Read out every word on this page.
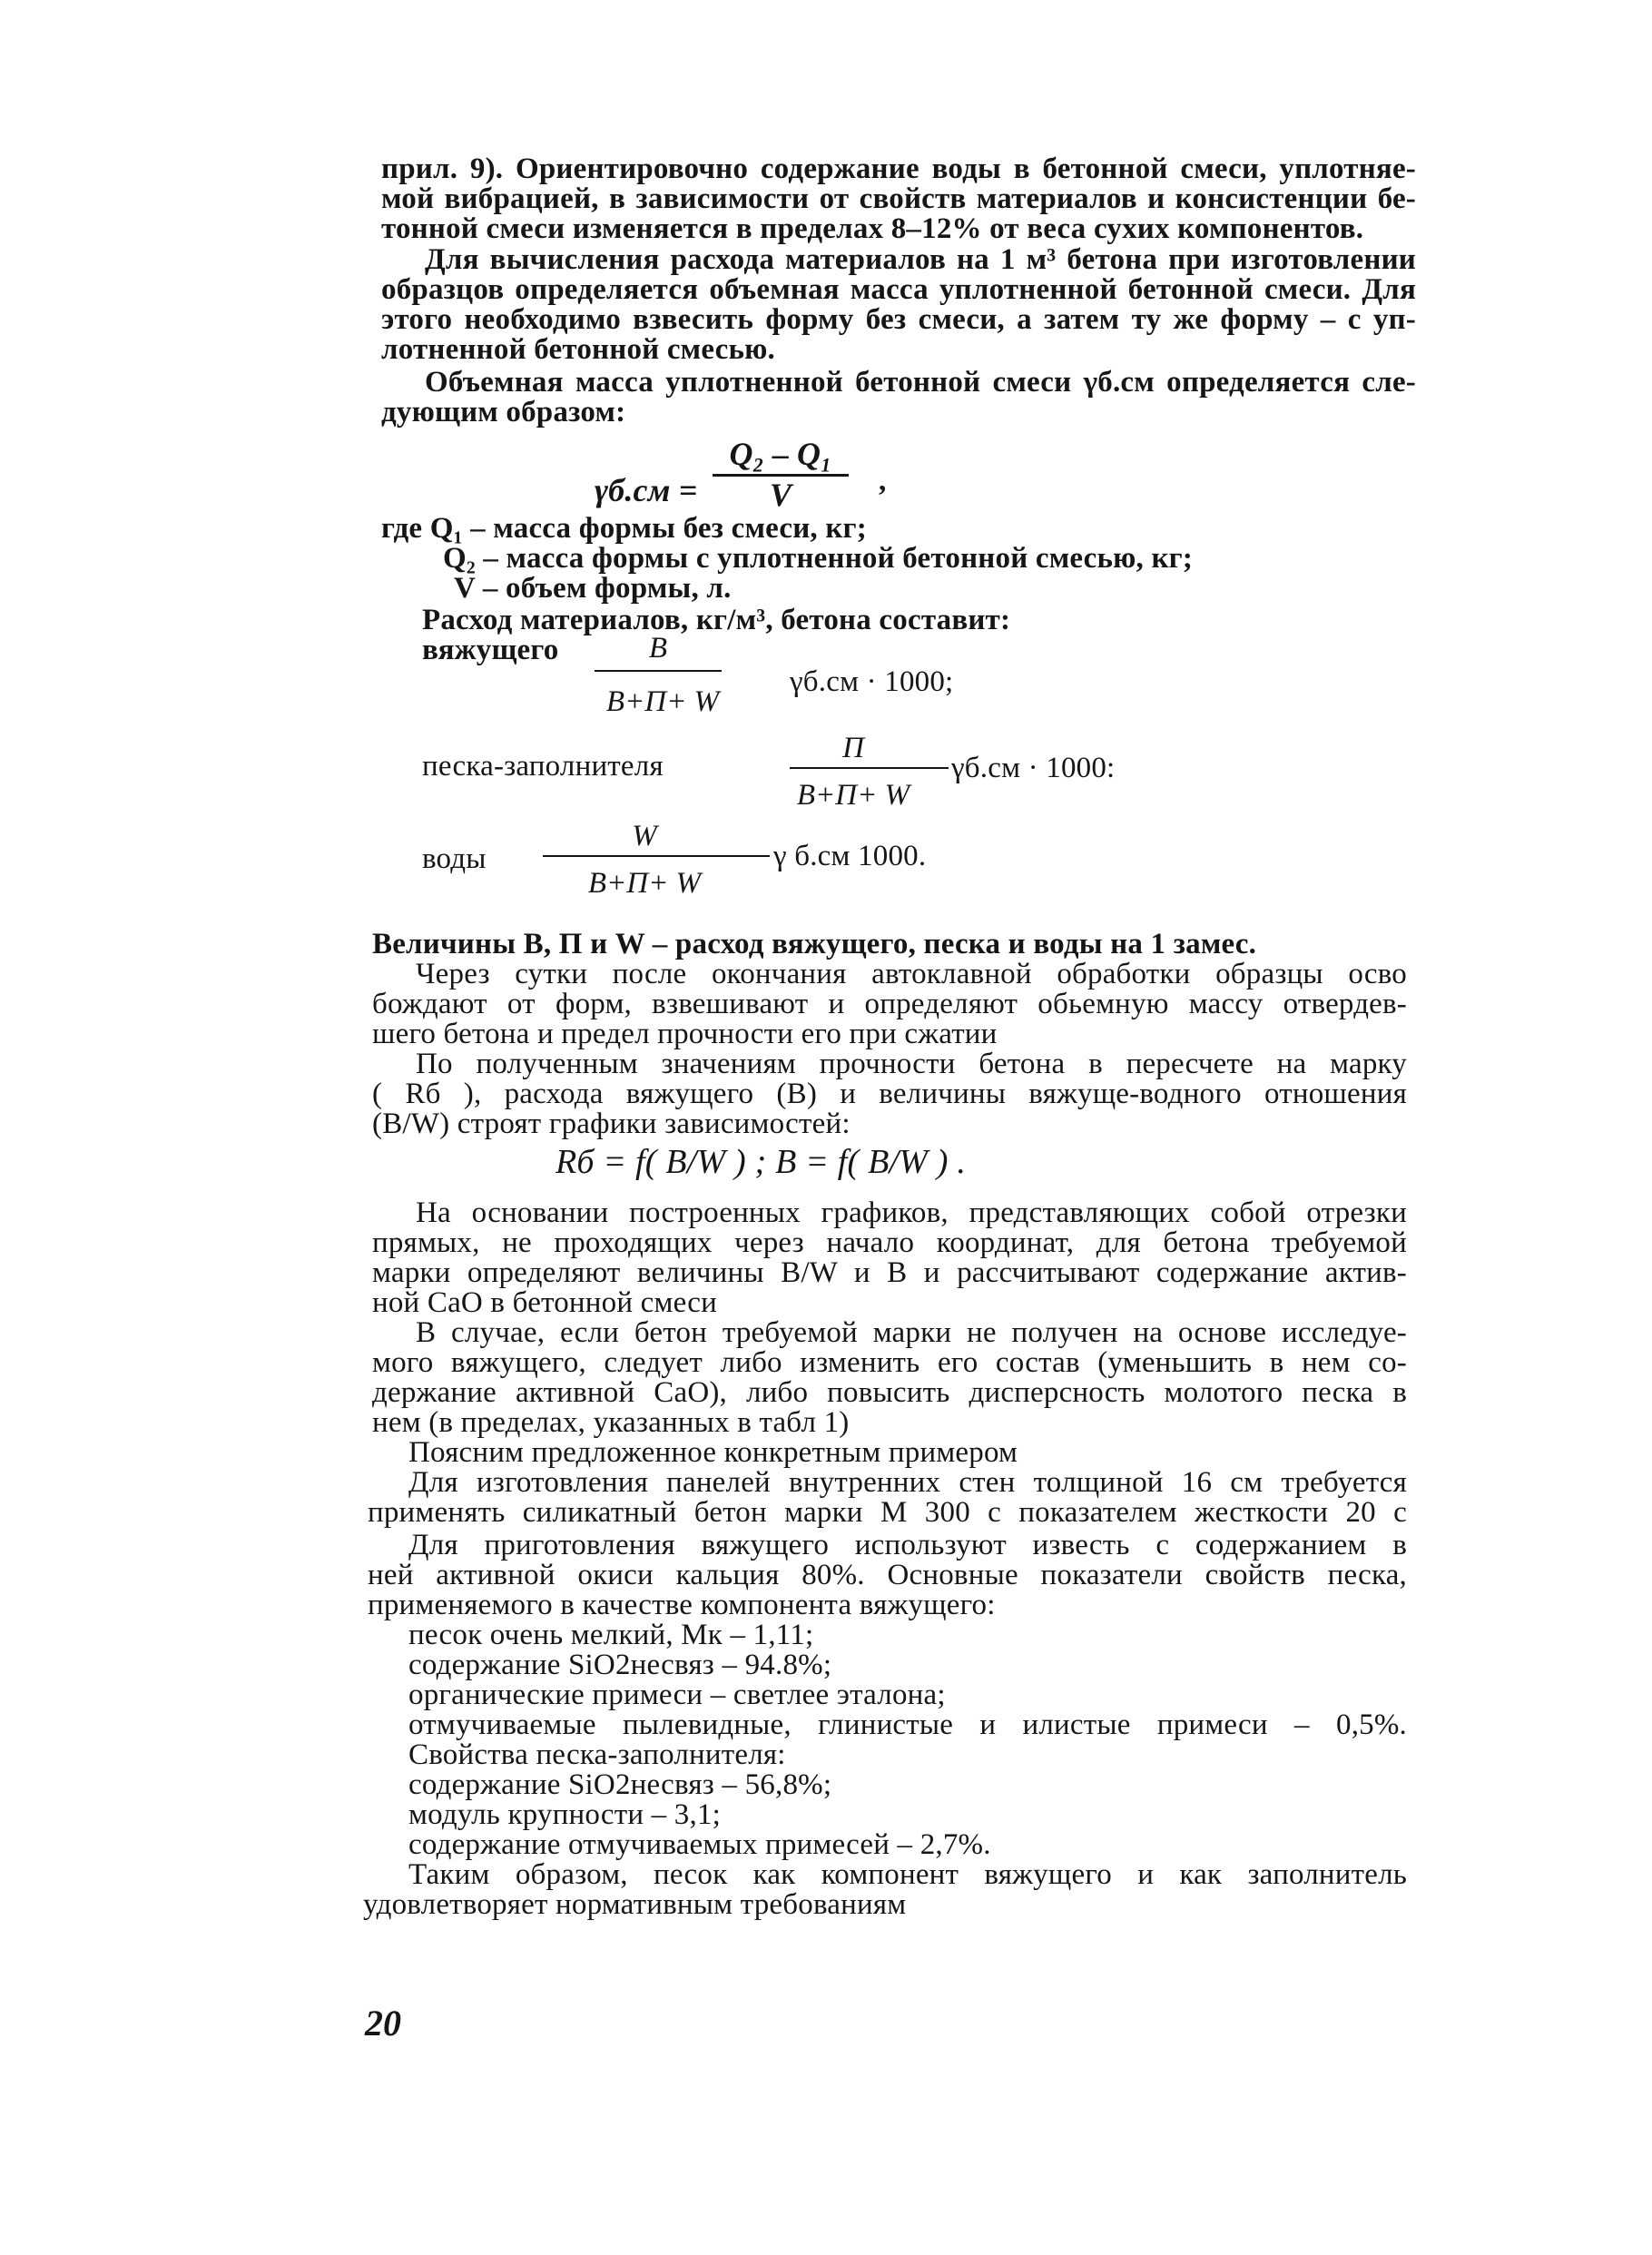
прил. 9). Ориентировочно содержание воды в бетонной смеси, уплотняе-
мой вибрацией, в зависимости от свойств материалов и консистенции бе-
тонной смеси изменяется в пределах 8–12% от веса сухих компонентов.
Для вычисления расхода материалов на 1 м³ бетона при изготовлении
образцов определяется объемная масса уплотненной бетонной смеси. Для
этого необходимо взвесить форму без смеси, а затем ту же форму – с уп-
лотненной бетонной смесью.
Объемная масса уплотненной бетонной смеси γб.см определяется сле-
дующим образом:
γб.см =
Q₂ – Q₁
V	,
где Q₁ – масса формы без смеси, кг;
Q₂ – масса формы с уплотненной бетонной смесью, кг;
V – объем формы, л.
Расход материалов, кг/м³, бетона составит:
вяжущего	В
В+П+ W
γб.см · 1000;
песка-заполнителя
П
В+П+ W
γб.см · 1000:
воды
W
В+П+ W
γ б.см 1000.
Величины В, П и W – расход вяжущего, песка и воды на 1 замес.
Через сутки после окончания автоклавной обработки образцы осво
бождают от форм, взвешивают и определяют обьемную массу отвердев-
шего бетона и предел прочности его при сжатии
По полученным значениям прочности бетона в пересчете на марку
( Rб ), расхода вяжущего (В) и величины вяжуще-водного отношения
(В/W) строят графики зависимостей:
Rб = f( В/W ) ; В = f( В/W ) .
На основании построенных графиков, представляющих собой отрезки
прямых, не проходящих через начало координат, для бетона требуемой
марки определяют величины В/W и В и рассчитывают содержание актив-
ной СаО в бетонной смеси
В случае, если бетон требуемой марки не получен на основе исследуе-
мого вяжущего, следует либо изменить его состав (уменьшить в нем со-
держание активной СаО), либо повысить дисперсность молотого песка в
нем (в пределах, указанных в табл 1)
Поясним предложенное конкретным примером
Для изготовления панелей внутренних стен толщиной 16 см требуется
применять силикатный бетон марки М 300 с показателем жесткости 20 с
Для приготовления вяжущего используют известь с содержанием в
ней активной окиси кальция 80%. Основные показатели свойств песка,
применяемого в качестве компонента вяжущего:
песок очень мелкий, Мк – 1,11;
содержание SiO2несвяз – 94.8%;
органические примеси – светлее эталона;
отмучиваемые пылевидные, глинистые и илистые примеси – 0,5%.
Свойства песка-заполнителя:
содержание SiO2несвяз – 56,8%;
модуль крупности – 3,1;
содержание отмучиваемых примесей – 2,7%.
Таким образом, песок как компонент вяжущего и как заполнитель
удовлетворяет нормативным требованиям
20
